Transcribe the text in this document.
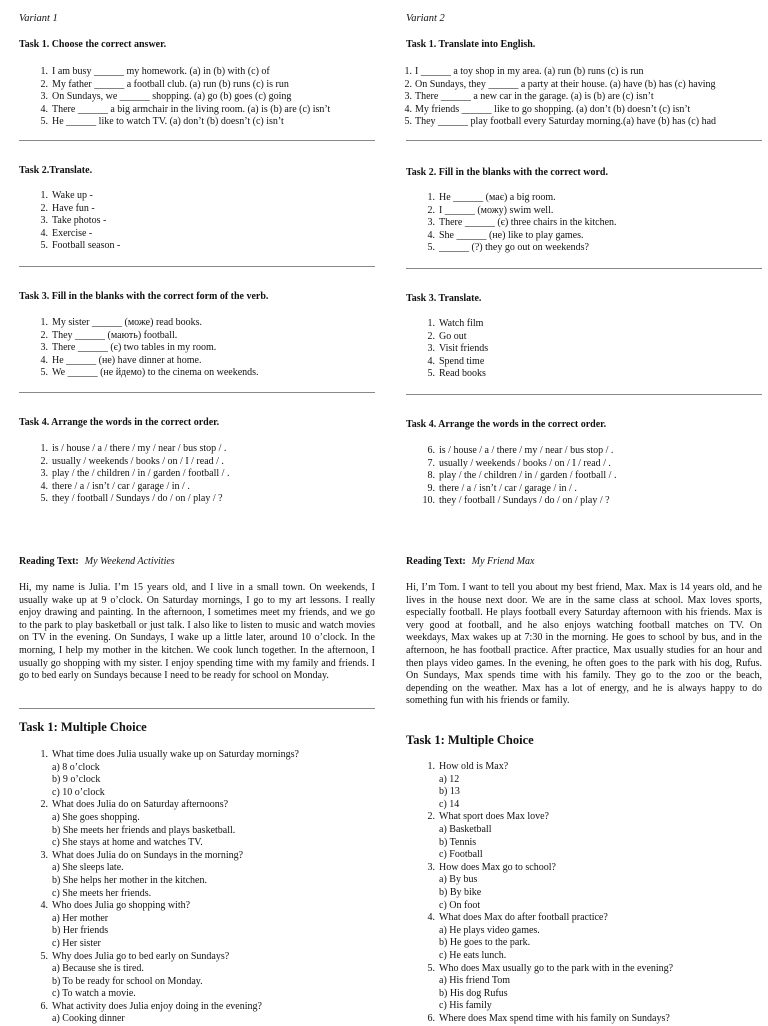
Variant 1
Task 1. Choose the correct answer.
1. I am busy ______ my homework. (a) in (b) with (c) of
2. My father ______ a football club. (a) run (b) runs (c) is run
3. On Sundays, we ______ shopping. (a) go (b) goes (c) going
4. There ______ a big armchair in the living room. (a) is (b) are (c) isn’t
5. He ______ like to watch TV. (a) don’t (b) doesn’t (c) isn’t
Task 2.Translate.
1. Wake up -
2. Have fun -
3. Take photos -
4. Exercise -
5. Football season -
Task 3. Fill in the blanks with the correct form of the verb.
1. My sister ______ (може) read books.
2. They ______ (мають) football.
3. There ______ (є) two tables in my room.
4. He ______ (не) have dinner at home.
5. We ______ (не йдемо) to the cinema on weekends.
Task 4. Arrange the words in the correct order.
1. is / house / a / there / my / near / bus stop / .
2. usually / weekends / books / on / I / read / .
3. play / the / children / in / garden / football / .
4. there / a / isn’t / car / garage / in / .
5. they / football / Sundays / do / on / play / ?
Reading Text: My Weekend Activities
Hi, my name is Julia. I’m 15 years old, and I live in a small town. On weekends, I usually wake up at 9 o’clock. On Saturday mornings, I go to my art lessons. I really enjoy drawing and painting. In the afternoon, I sometimes meet my friends, and we go to the park to play basketball or just talk. I also like to listen to music and watch movies on TV in the evening. On Sundays, I wake up a little later, around 10 o’clock. In the morning, I help my mother in the kitchen. We cook lunch together. In the afternoon, I usually go shopping with my sister. I enjoy spending time with my family and friends. I go to bed early on Sundays because I need to be ready for school on Monday.
Task 1: Multiple Choice
1. What time does Julia usually wake up on Saturday mornings?
a) 8 o’clock
b) 9 o’clock
c) 10 o’clock
2. What does Julia do on Saturday afternoons?
a) She goes shopping.
b) She meets her friends and plays basketball.
c) She stays at home and watches TV.
3. What does Julia do on Sundays in the morning?
a) She sleeps late.
b) She helps her mother in the kitchen.
c) She meets her friends.
4. Who does Julia go shopping with?
a) Her mother
b) Her friends
c) Her sister
5. Why does Julia go to bed early on Sundays?
a) Because she is tired.
b) To be ready for school on Monday.
c) To watch a movie.
6. What activity does Julia enjoy doing in the evening?
a) Cooking dinner
Variant 2
Task 1. Translate into English.
1. I ______ a toy shop in my area. (a) run (b) runs (c) is run
2. On Sundays, they ______ a party at their house. (a) have (b) has (c) having
3. There ______ a new car in the garage. (a) is (b) are (c) isn’t
4. My friends ______ like to go shopping. (a) don’t (b) doesn’t (c) isn’t
5. They ______ play football every Saturday morning.(a) have (b) has (c) had
Task 2. Fill in the blanks with the correct word.
1. He ______ (має) a big room.
2. I ______ (можу) swim well.
3. There ______ (є) three chairs in the kitchen.
4. She ______ (не) like to play games.
5. ______ (?) they go out on weekends?
Task 3. Translate.
1. Watch film
2. Go out
3. Visit friends
4. Spend time
5. Read books
Task 4. Arrange the words in the correct order.
6. is / house / a / there / my / near / bus stop / .
7. usually / weekends / books / on / I / read / .
8. play / the / children / in / garden / football / .
9. there / a / isn’t / car / garage / in / .
10. they / football / Sundays / do / on / play / ?
Reading Text: My Friend Max
Hi, I’m Tom. I want to tell you about my best friend, Max. Max is 14 years old, and he lives in the house next door. We are in the same class at school. Max loves sports, especially football. He plays football every Saturday afternoon with his friends. Max is very good at football, and he also enjoys watching football matches on TV. On weekdays, Max wakes up at 7:30 in the morning. He goes to school by bus, and in the afternoon, he has football practice. After practice, Max usually studies for an hour and then plays video games. In the evening, he often goes to the park with his dog, Rufus. On Sundays, Max spends time with his family. They go to the zoo or the beach, depending on the weather. Max has a lot of energy, and he is always happy to do something fun with his friends or family.
Task 1: Multiple Choice
1. How old is Max?
a) 12
b) 13
c) 14
2. What sport does Max love?
a) Basketball
b) Tennis
c) Football
3. How does Max go to school?
a) By bus
b) By bike
c) On foot
4. What does Max do after football practice?
a) He plays video games.
b) He goes to the park.
c) He eats lunch.
5. Who does Max usually go to the park with in the evening?
a) His friend Tom
b) His dog Rufus
c) His family
6. Where does Max spend time with his family on Sundays?
